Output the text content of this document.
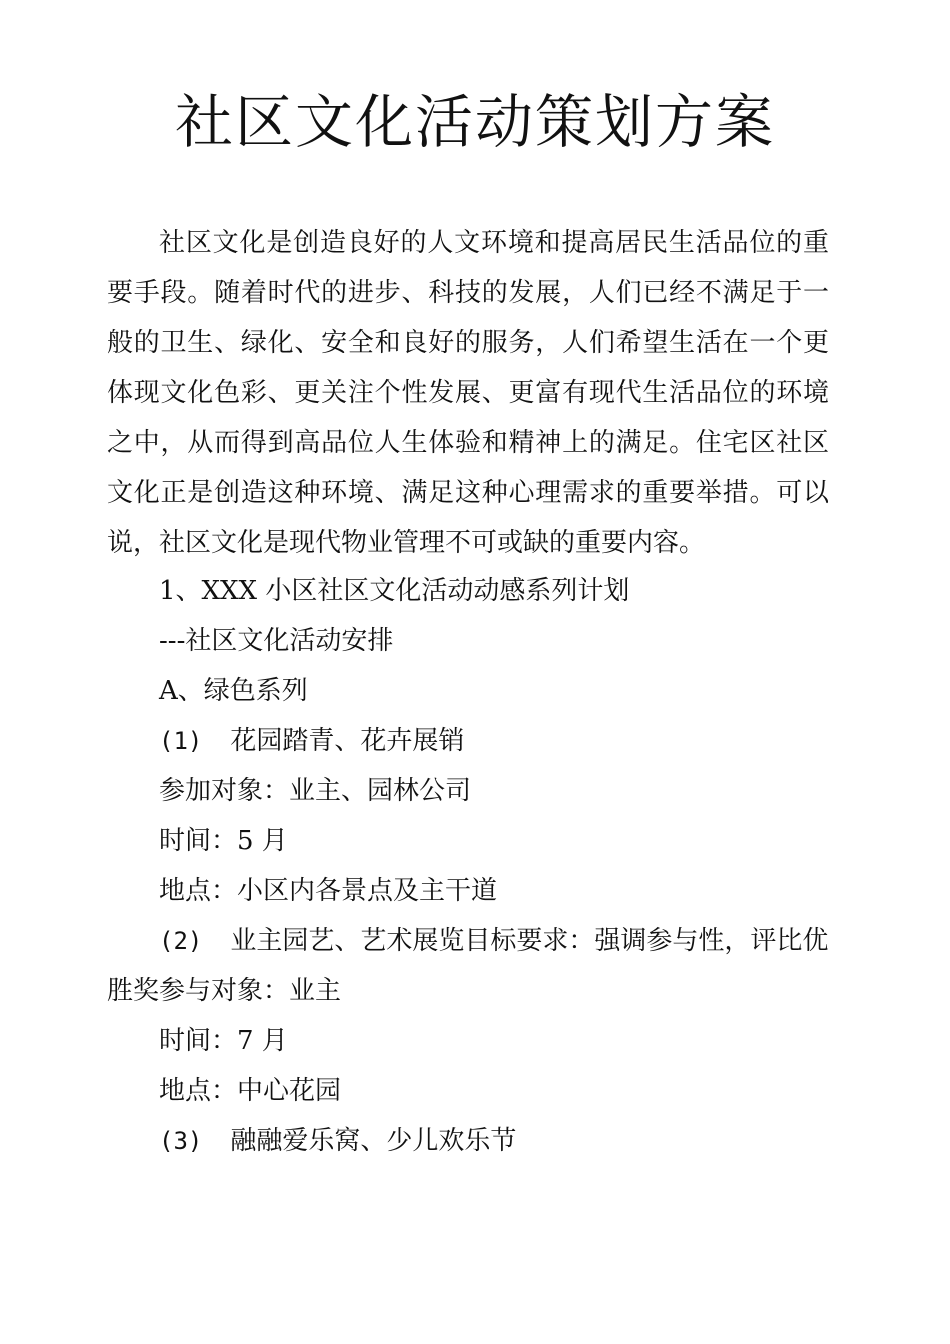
社区文化活动策划方案

社区文化是创造良好的人文环境和提高居民生活品位的重要手段。随着时代的进步、科技的发展，人们已经不满足于一般的卫生、绿化、安全和良好的服务，人们希望生活在一个更体现文化色彩、更关注个性发展、更富有现代生活品位的环境之中，从而得到高品位人生体验和精神上的满足。住宅区社区文化正是创造这种环境、满足这种心理需求的重要举措。可以说，社区文化是现代物业管理不可或缺的重要内容。

1、XXX 小区社区文化活动动感系列计划
---社区文化活动安排
A、绿色系列
(1) 花园踏青、花卉展销
参加对象：业主、园林公司
时间：5 月
地点：小区内各景点及主干道
(2) 业主园艺、艺术展览目标要求：强调参与性，评比优胜奖参与对象：业主
时间：7 月
地点：中心花园
(3) 融融爱乐窝、少儿欢乐节
